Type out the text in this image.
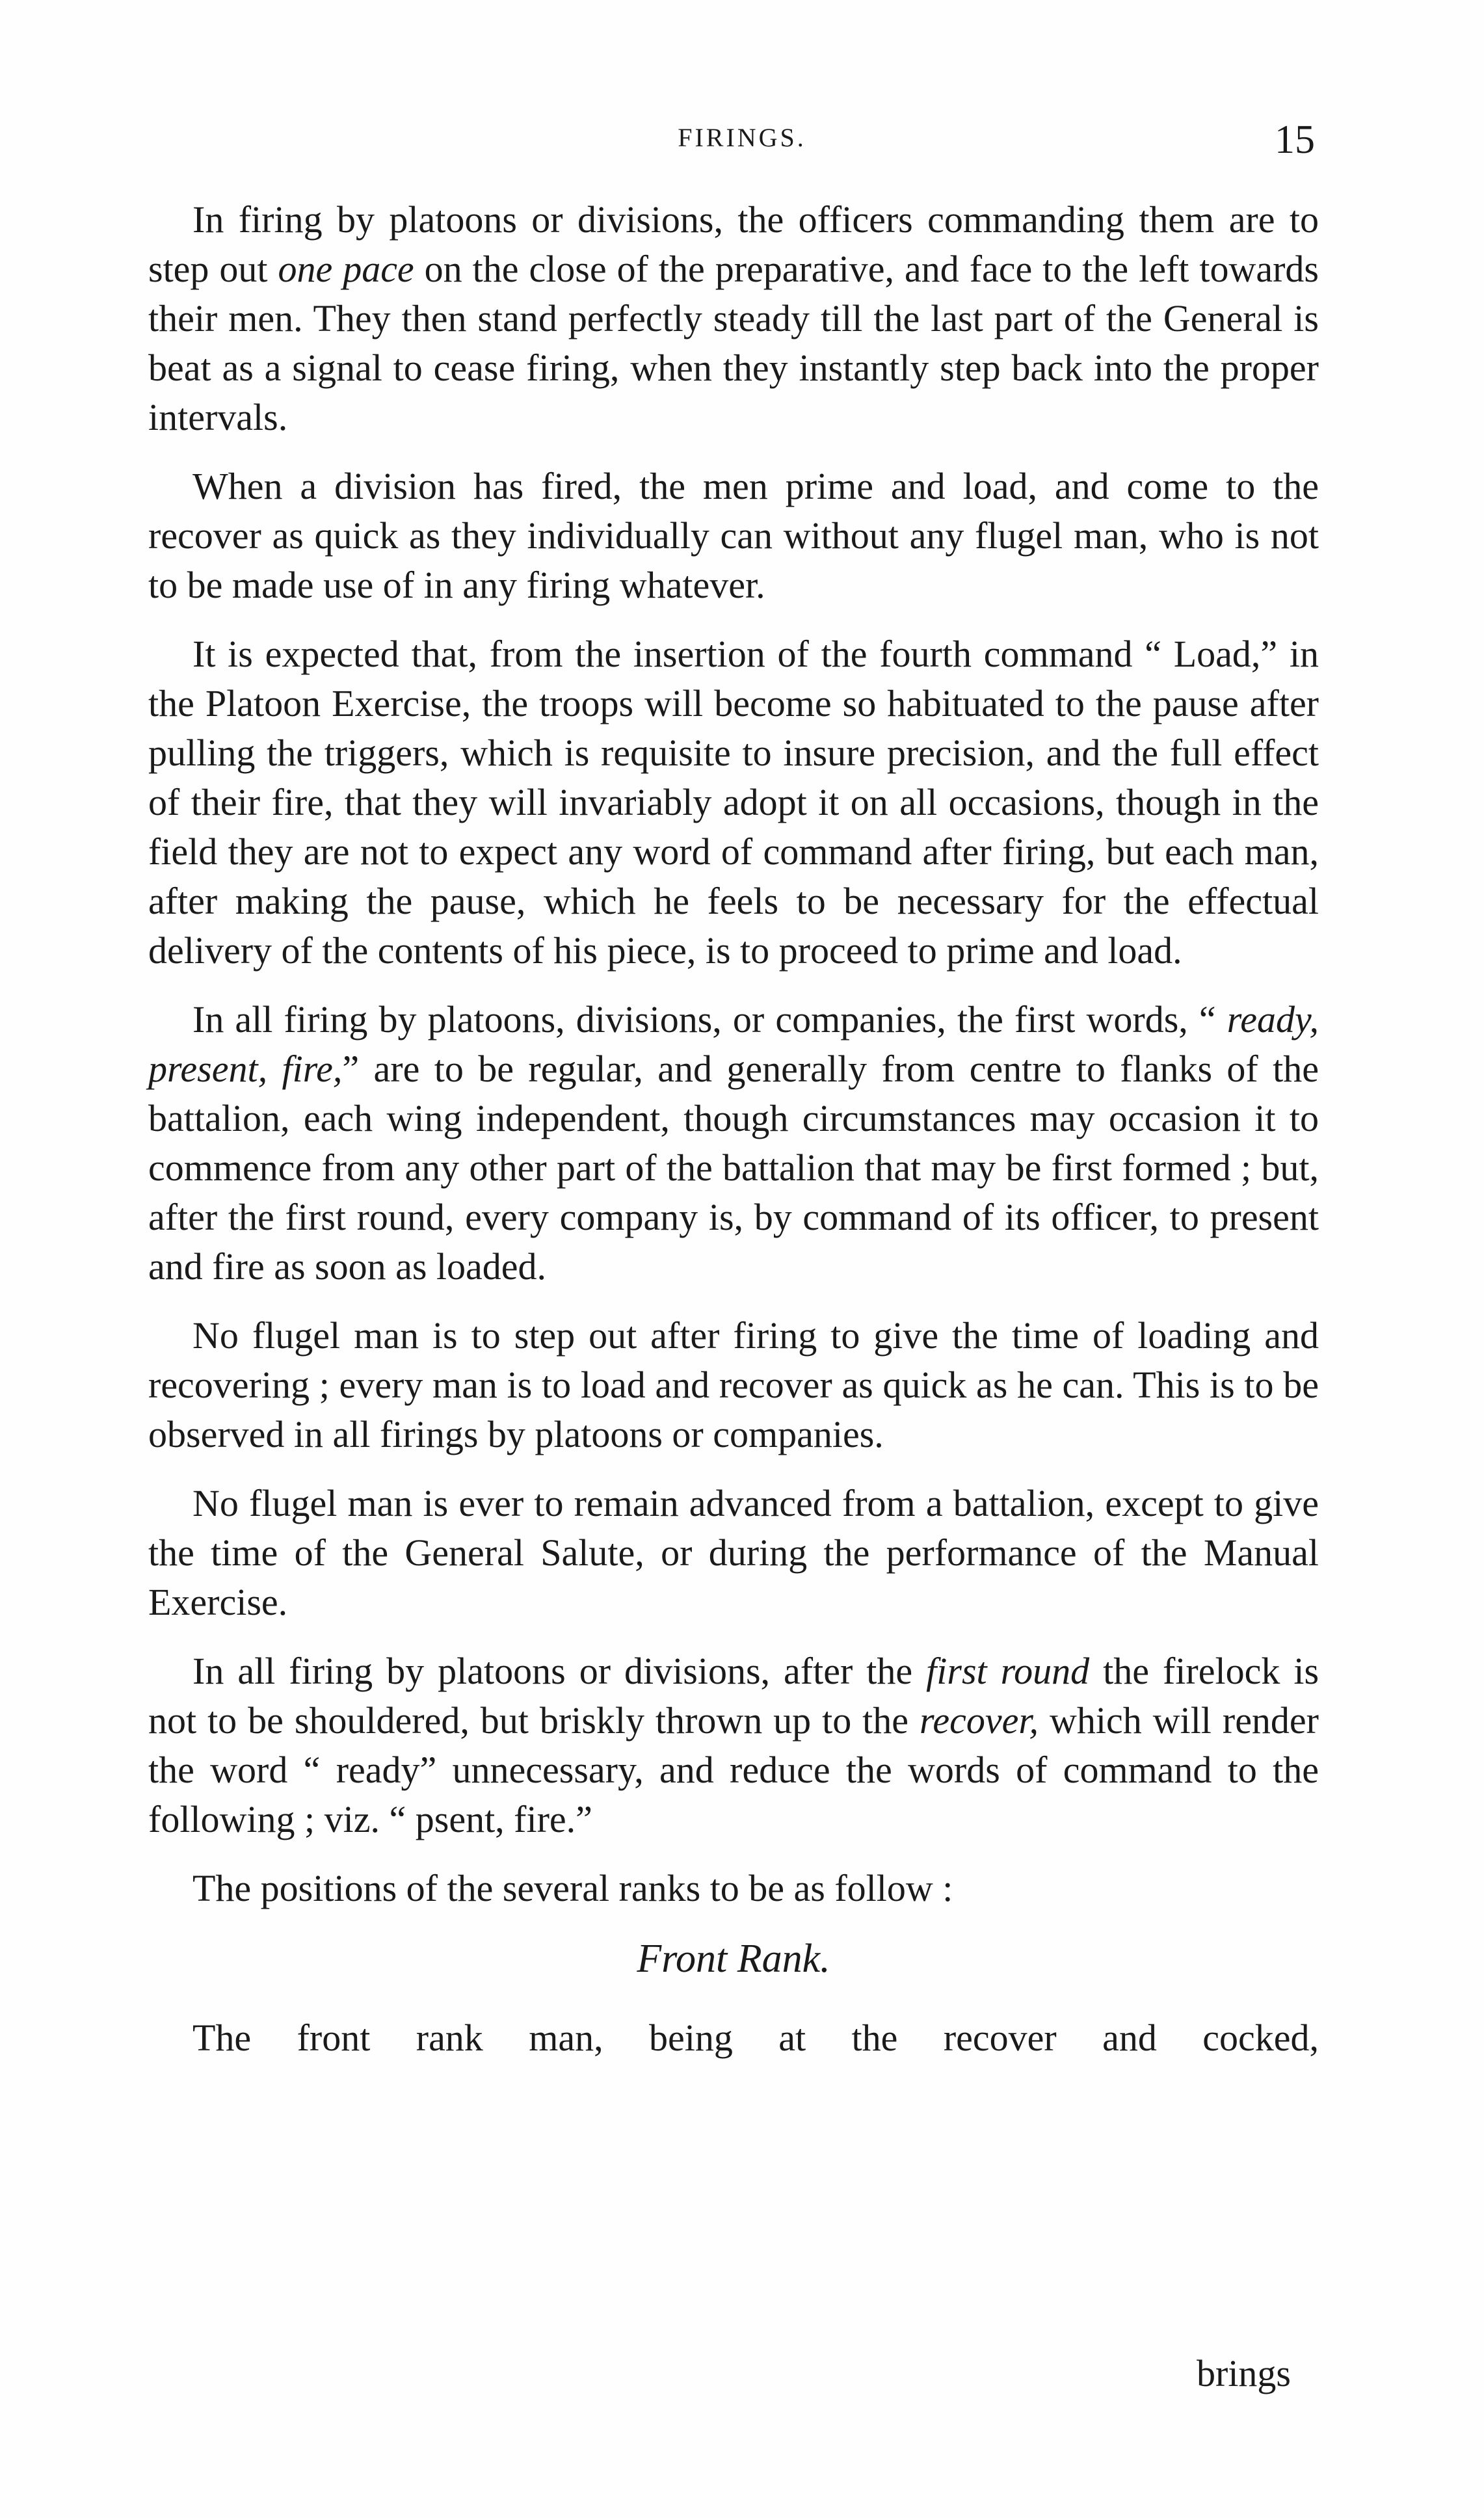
FIRINGS.	15

In firing by platoons or divisions, the officers commanding them are to step out one pace on the close of the preparative, and face to the left towards their men. They then stand perfectly steady till the last part of the General is beat as a signal to cease firing, when they instantly step back into the proper intervals.

When a division has fired, the men prime and load, and come to the recover as quick as they individually can without any flugel man, who is not to be made use of in any firing whatever.

It is expected that, from the insertion of the fourth command “ Load,” in the Platoon Exercise, the troops will become so habituated to the pause after pulling the triggers, which is requisite to insure precision, and the full effect of their fire, that they will invariably adopt it on all occasions, though in the field they are not to expect any word of command after firing, but each man, after making the pause, which he feels to be necessary for the effectual delivery of the contents of his piece, is to proceed to prime and load.

In all firing by platoons, divisions, or companies, the first words, “ ready, present, fire,” are to be regular, and generally from centre to flanks of the battalion, each wing independent, though circumstances may occasion it to commence from any other part of the battalion that may be first formed ; but, after the first round, every company is, by command of its officer, to present and fire as soon as loaded.

No flugel man is to step out after firing to give the time of loading and recovering ; every man is to load and recover as quick as he can. This is to be observed in all firings by platoons or companies.

No flugel man is ever to remain advanced from a battalion, except to give the time of the General Salute, or during the performance of the Manual Exercise.

In all firing by platoons or divisions, after the first round the firelock is not to be shouldered, but briskly thrown up to the recover, which will render the word “ ready” unnecessary, and reduce the words of command to the following ; viz. “ psent, fire.”

The positions of the several ranks to be as follow :

Front Rank.

The front rank man, being at the recover and cocked,

brings
